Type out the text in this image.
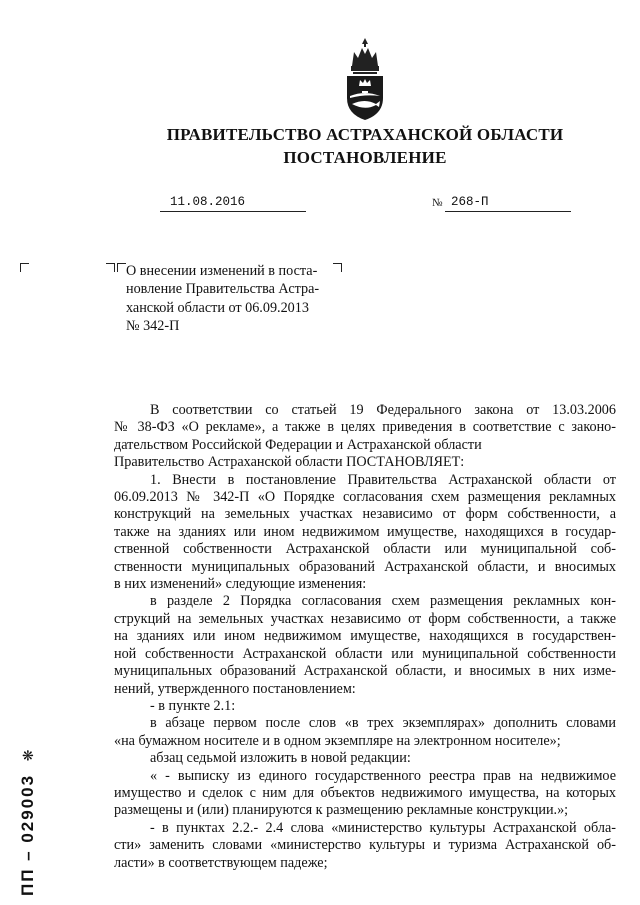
ПРАВИТЕЛЬСТВО АСТРАХАНСКОЙ ОБЛАСТИ
ПОСТАНОВЛЕНИЕ
11.08.2016	№ 268-П
О внесении изменений в поста-
новление Правительства Астра-
ханской области от 06.09.2013
№ 342-П

В соответствии со статьей 19 Федерального закона от 13.03.2006

№ 38-ФЗ «О рекламе», а также в целях приведения в соответствие с законо-

дательством Российской Федерации и Астраханской области

Правительство Астраханской области ПОСТАНОВЛЯЕТ:

1. Внести в постановление Правительства Астраханской области от

06.09.2013 № 342-П «О Порядке согласования схем размещения рекламных

конструкций на земельных участках независимо от форм собственности, а

также на зданиях или ином недвижимом имуществе, находящихся в государ-

ственной собственности Астраханской области или муниципальной соб-

ственности муниципальных образований Астраханской области, и вносимых

в них изменений» следующие изменения:

в разделе 2 Порядка согласования схем размещения рекламных кон-

струкций на земельных участках независимо от форм собственности, а также

на зданиях или ином недвижимом имуществе, находящихся в государствен-

ной собственности Астраханской области или муниципальной собственности

муниципальных образований Астраханской области, и вносимых в них изме-

нений, утвержденного постановлением:

- в пункте 2.1:

в абзаце первом после слов «в трех экземплярах» дополнить словами

«на бумажном носителе и в одном экземпляре на электронном носителе»;

абзац седьмой изложить в новой редакции:

« - выписку из единого государственного реестра прав на недвижимое

имущество и сделок с ним для объектов недвижимого имущества, на которых

размещены и (или) планируются к размещению рекламные конструкции.»;

- в пунктах 2.2.- 2.4 слова «министерство культуры Астраханской обла-

сти» заменить словами «министерство культуры и туризма Астраханской об-

ласти» в соответствующем падеже;

ПП – 029003 ❋
